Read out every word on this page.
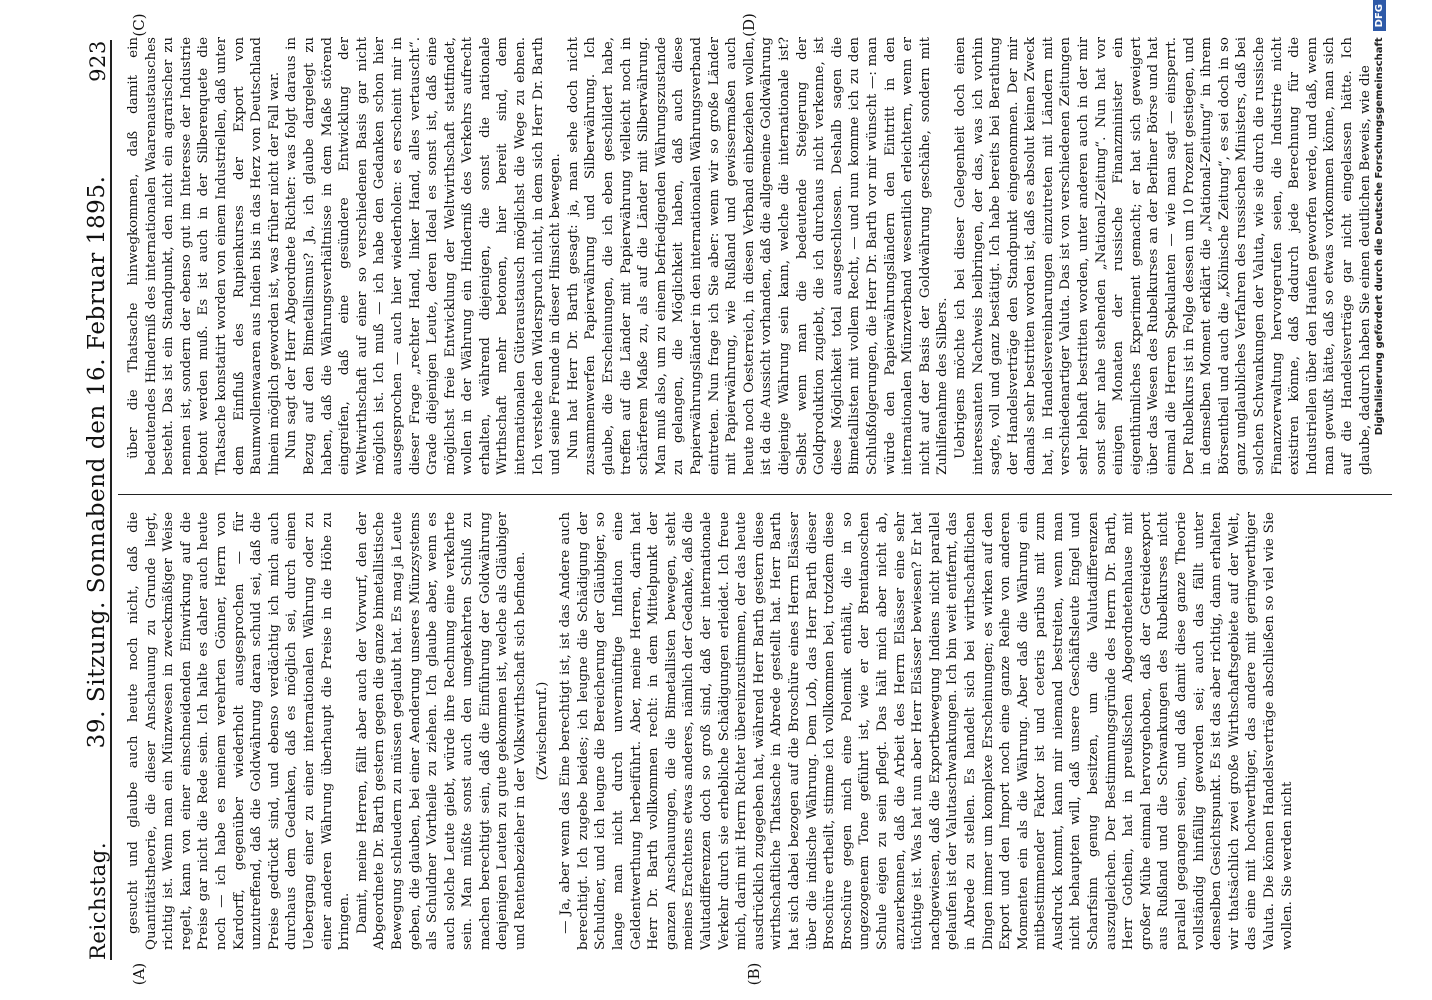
Reichstag.
39. Sitzung. Sonnabend den 16. Februar 1895.
923
(A)	(B)
(C)	(D)

gesucht und glaube auch heute noch nicht, daß die Quantitätstheorie, die dieser Anschauung zu Grunde liegt, richtig ist. Wenn man ein Münzwesen in zweckmäßiger Weise regelt, kann von einer einschneidenden Einwirkung auf die Preise gar nicht die Rede sein. Ich halte es daher auch heute noch — ich habe es meinem verehrten Gönner, Herrn von Kardorff, gegenüber wiederholt ausgesprochen — für unzutreffend, daß die Goldwährung daran schuld sei, daß die Preise gedrückt sind, und ebenso verdächtig ich mich auch durchaus dem Gedanken, daß es möglich sei, durch einen Uebergang einer zu einer internationalen Währung oder zu einer anderen Währung überhaupt die Preise in die Höhe zu bringen. Damit, meine Herren, fällt aber auch der Vorwurf, den der Abgeordnete Dr. Barth gestern gegen die ganze bimetallistische Bewegung schleudern zu müssen geglaubt hat. Es mag ja Leute geben, die glauben, bei einer Aenderung unseres Münzsystems als Schuldner Vortheile zu ziehen. Ich glaube aber, wenn es auch solche Leute giebt, würde ihre Rechnung eine verkehrte sein. Man müßte sonst auch den umgekehrten Schluß zu machen berechtigt sein, daß die Einführung der Goldwährung denjenigen Leuten zu gute gekommen ist, welche als Gläubiger und Rentenbezieher in der Volkswirthschaft sich befinden. (Zwischenruf.) — Ja, aber wenn das Eine berechtigt ist, ist das Andere auch berechtigt. Ich zugebe beides; ich leugne die Schädigung der Schuldner, und ich leugne die Bereicherung der Gläubiger, so lange man nicht durch unvernünftige Inflation eine Geldentwerthung herbeiführt. Aber, meine Herren, darin hat Herr Dr. Barth vollkommen recht: in dem Mittelpunkt der ganzen Anschauungen, die die Bimetallisten bewegen, steht meines Erachtens etwas anderes, nämlich der Gedanke, daß die Valutadifferenzen doch so groß sind, daß der internationale Verkehr durch sie erhebliche Schädigungen erleidet. Ich freue mich, darin mit Herrn Richter übereinzustimmen, der das heute ausdrücklich zugegeben hat, während Herr Barth gestern diese wirthschaftliche Thatsache in Abrede gestellt hat. Herr Barth hat sich dabei bezogen auf die Broschüre eines Herrn Elsässer über die indische Währung. Dem Lob, das Herr Barth dieser Broschüre ertheilt, stimme ich vollkommen bei, trotzdem diese Broschüre gegen mich eine Polemik enthält, die in so ungezogenem Tone geführt ist, wie er der Brentanoschen Schule eigen zu sein pflegt. Das hält mich aber nicht ab, anzuerkennen, daß die Arbeit des Herrn Elsässer eine sehr tüchtige ist. Was hat nun aber Herr Elsässer bewiesen? Er hat nachgewiesen, daß die Exportbewegung Indiens nicht parallel gelaufen ist der Valutaschwankungen. Ich bin weit entfernt, das in Abrede zu stellen. Es handelt sich bei wirthschaftlichen Dingen immer um komplexe Erscheinungen; es wirken auf den Export und den Import noch eine ganze Reihe von anderen Momenten ein als die Währung. Aber daß die Währung ein mitbestimmender Faktor ist und ceteris paribus mit zum Ausdruck kommt, kann mir niemand bestreiten, wenn man nicht behaupten will, daß unsere Geschäftsleute Engel und Scharfsinn genug besitzen, um die Valutadifferenzen auszugleichen. Der Bestimmungsgründe des Herrn Dr. Barth, Herr Gothein, hat in preußischen Abgeordnetenhause mit großer Mühe einmal hervorgehoben, daß der Getreideexport aus Rußland und die Schwankungen des Rubelkurses nicht parallel gegangen seien, und daß damit diese ganze Theorie vollständig hinfällig geworden sei; auch das fällt unter denselben Gesichtspunkt. Es ist das aber richtig, dann erhalten wir thatsächlich zwei große Wirthschaftsgebiete auf der Welt, das eine mit hochwerthiger, das andere mit geringwerthiger Valuta. Die können Handelsverträge abschließen so viel wie Sie wollen. Sie werden nicht

über die Thatsache hinwegkommen, daß damit ein bedeutendes Hinderniß des internationalen Waarenaustausches besteht. Das ist ein Standpunkt, den nicht ein agrarischer zu nennen ist, sondern der ebenso gut im Interesse der Industrie betont werden muß. Es ist auch in der Silberenquete die Thatsache konstatirt worden von einem Industriellen, daß unter dem Einfluß des Rupienkurses der Export von Baumwollenwaaren aus Indien bis in das Herz von Deutschland hinein möglich geworden ist, was früher nicht der Fall war. Nun sagt der Herr Abgeordnete Richter: was folgt daraus in Bezug auf den Bimetallismus? Ja, ich glaube dargelegt zu haben, daß die Währungsverhältnisse in dem Maße störend eingreifen, daß eine gesündere Entwicklung der Weltwirthschaft auf einer so verschiedenen Basis gar nicht möglich ist. Ich muß — ich habe den Gedanken schon hier ausgesprochen — auch hier wiederholen: es erscheint mir in dieser Frage „rechter Hand, linker Hand, alles vertauscht“. Grade diejenigen Leute, deren Ideal es sonst ist, daß eine möglichst freie Entwicklung der Weltwirthschaft stattfindet, wollen in der Währung ein Hinderniß des Verkehrs aufrecht erhalten, während diejenigen, die sonst die nationale Wirthschaft mehr betonen, hier bereit sind, dem internationalen Güteraustausch möglichst die Wege zu ebnen. Ich verstehe den Widerspruch nicht, in dem sich Herr Dr. Barth und seine Freunde in dieser Hinsicht bewegen. Nun hat Herr Dr. Barth gesagt: ja, man sehe doch nicht zusammenwerfen Papierwährung und Silberwährung. Ich glaube, die Erscheinungen, die ich eben geschildert habe, treffen auf die Länder mit Papierwährung vielleicht noch in schärferem Maße zu, als auf die Länder mit Silberwährung. Man muß also, um zu einem befriedigenden Währungszustande zu gelangen, die Möglichkeit haben, daß auch diese Papierwährungsländer in den internationalen Währungsverband eintreten. Nun frage ich Sie aber: wenn wir so große Länder mit Papierwährung, wie Rußland und gewissermaßen auch heute noch Oesterreich, in diesen Verband einbeziehen wollen, ist da die Aussicht vorhanden, daß die allgemeine Goldwährung diejenige Währung sein kann, welche die internationale ist? Selbst wenn man die bedeutende Steigerung der Goldproduktion zugiebt, die ich durchaus nicht verkenne, ist diese Möglichkeit total ausgeschlossen. Deshalb sagen die Bimetallisten mit vollem Recht, — und nun komme ich zu den Schlußfolgerungen, die Herr Dr. Barth vor mir wünscht —: man würde den Papierwährungsländern den Eintritt in den internationalen Münzverband wesentlich erleichtern, wenn er nicht auf der Basis der Goldwährung geschähe, sondern mit Zuhilfenahme des Silbers. Uebrigens möchte ich bei dieser Gelegenheit doch einen interessanten Nachweis beibringen, der das, was ich vorhin sagte, voll und ganz bestätigt. Ich habe bereits bei Berathung der Handelsverträge den Standpunkt eingenommen. Der mir damals sehr bestritten worden ist, daß es absolut keinen Zweck hat, in Handelsvereinbarungen einzutreten mit Ländern mit verschiedenartiger Valuta. Das ist von verschiedenen Zeitungen sehr lebhaft bestritten worden, unter anderen auch in der mir sonst sehr nahe stehenden „National-Zeitung“. Nun hat vor einigen Monaten der russische Finanzminister ein eigenthümliches Experiment gemacht; er hat sich geweigert über das Wesen des Rubelkurses an der Berliner Börse und hat einmal die Herren Spekulanten — wie man sagt — einsperrt. Der Rubelkurs ist in Folge dessen um 10 Prozent gestiegen, und in demselben Moment erklärt die „National-Zeitung“ in ihrem Börsentheil und auch die „Kölnische Zeitung“, es sei doch in so ganz unglaubliches Verfahren des russischen Ministers, daß bei solchen Schwankungen der Valuta, wie sie durch die russische Finanzverwaltung hervorgerufen seien, die Industrie nicht existiren könne, daß dadurch jede Berechnung für die Industriellen über den Haufen geworfen werde, und daß, wenn man gewußt hätte, daß so etwas vorkommen könne, man sich auf die Handelsverträge gar nicht eingelassen hätte. Ich glaube, dadurch haben Sie einen deutlichen Beweis, wie die Digitalisierung gefördert durch die Deutsche Forschungsgemeinschaft
DFG
